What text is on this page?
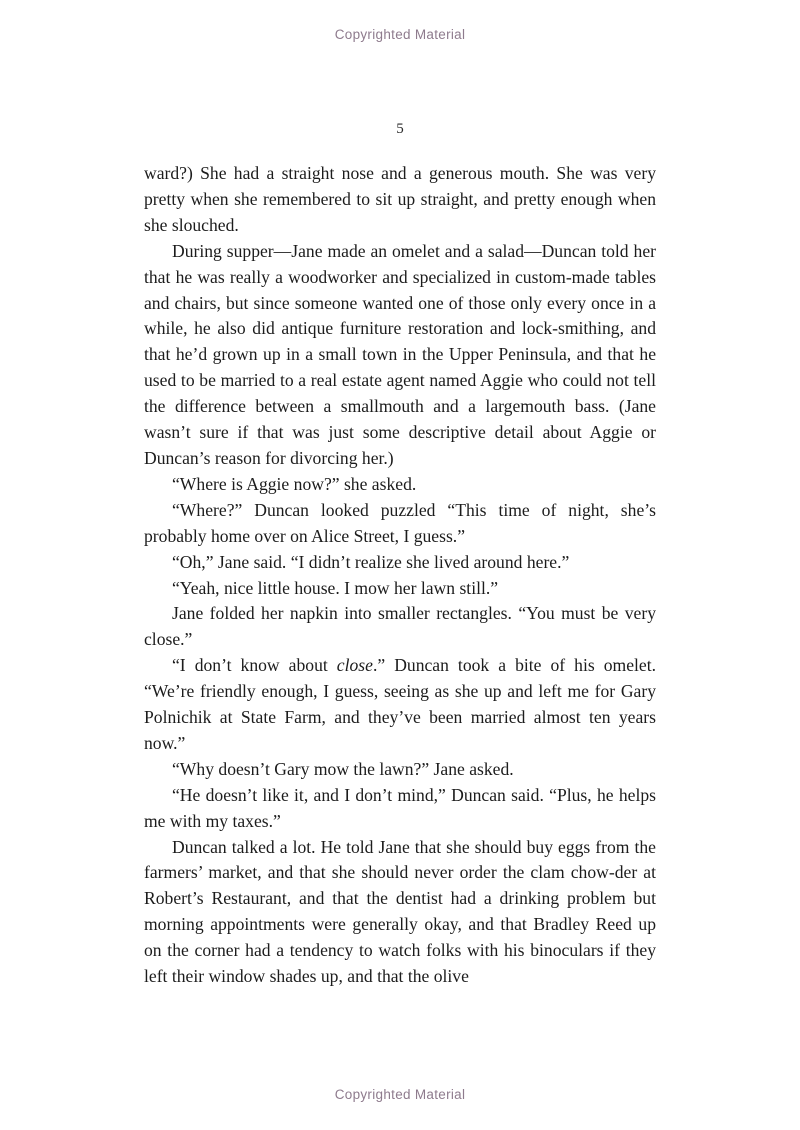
Copyrighted Material
5

ward?) She had a straight nose and a generous mouth. She was very pretty when she remembered to sit up straight, and pretty enough when she slouched.

During supper—Jane made an omelet and a salad—Duncan told her that he was really a woodworker and specialized in custom-made tables and chairs, but since someone wanted one of those only every once in a while, he also did antique furniture restoration and lock-smithing, and that he’d grown up in a small town in the Upper Peninsula, and that he used to be married to a real estate agent named Aggie who could not tell the difference between a smallmouth and a largemouth bass. (Jane wasn’t sure if that was just some descriptive detail about Aggie or Duncan’s reason for divorcing her.)

“Where is Aggie now?” she asked.

“Where?” Duncan looked puzzled “This time of night, she’s probably home over on Alice Street, I guess.”

“Oh,” Jane said. “I didn’t realize she lived around here.”

“Yeah, nice little house. I mow her lawn still.”

Jane folded her napkin into smaller rectangles. “You must be very close.”

“I don’t know about close.” Duncan took a bite of his omelet. “We’re friendly enough, I guess, seeing as she up and left me for Gary Polnichik at State Farm, and they’ve been married almost ten years now.”

“Why doesn’t Gary mow the lawn?” Jane asked.

“He doesn’t like it, and I don’t mind,” Duncan said. “Plus, he helps me with my taxes.”

Duncan talked a lot. He told Jane that she should buy eggs from the farmers’ market, and that she should never order the clam chow-der at Robert’s Restaurant, and that the dentist had a drinking problem but morning appointments were generally okay, and that Bradley Reed up on the corner had a tendency to watch folks with his binoculars if they left their window shades up, and that the olive

Copyrighted Material
